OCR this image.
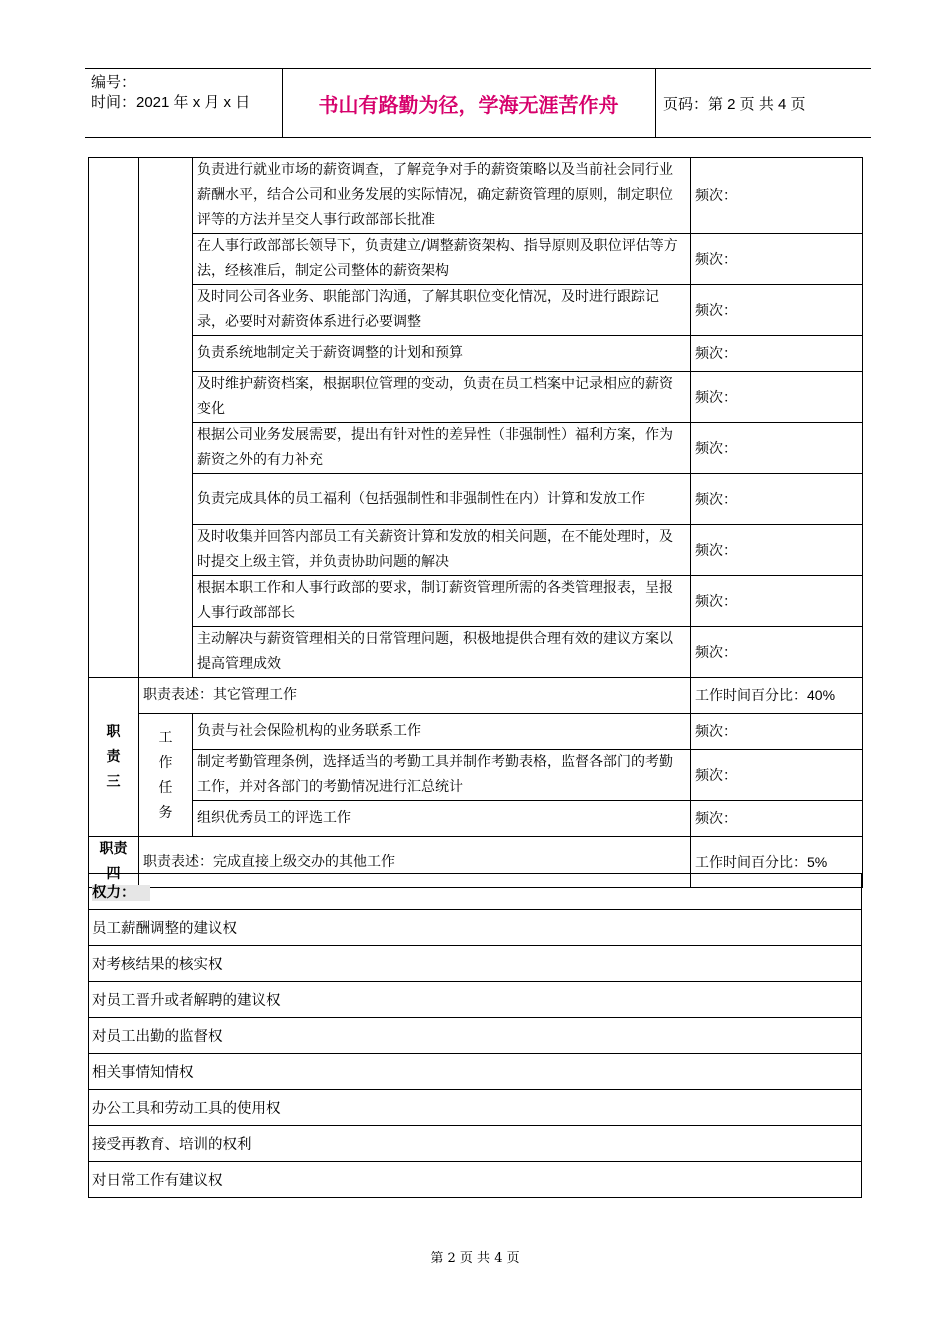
编号：
时间：2021 年 x 月 x 日	书山有路勤为径，学海无涯苦作舟	页码：第 2 页 共 4 页
		负责进行就业市场的薪资调查，了解竞争对手的薪资策略以及当前社会同行业薪酬水平，结合公司和业务发展的实际情况，确定薪资管理的原则，制定职位评等的方法并呈交人事行政部部长批准	频次：
		在人事行政部部长领导下，负责建立/调整薪资架构、指导原则及职位评估等方法，经核准后，制定公司整体的薪资架构	频次：
		及时同公司各业务、职能部门沟通，了解其职位变化情况，及时进行跟踪记录，必要时对薪资体系进行必要调整	频次：
		负责系统地制定关于薪资调整的计划和预算	频次：
		及时维护薪资档案，根据职位管理的变动，负责在员工档案中记录相应的薪资变化	频次：
		根据公司业务发展需要，提出有针对性的差异性（非强制性）福利方案，作为薪资之外的有力补充	频次：
		负责完成具体的员工福利（包括强制性和非强制性在内）计算和发放工作	频次：
		及时收集并回答内部员工有关薪资计算和发放的相关问题，在不能处理时，及时提交上级主管，并负责协助问题的解决	频次：
		根据本职工作和人事行政部的要求，制订薪资管理所需的各类管理报表，呈报人事行政部部长	频次：
		主动解决与薪资管理相关的日常管理问题，积极地提供合理有效的建议方案以提高管理成效	频次：

职责三	职责表述：其它管理工作		工作时间百分比：40%

	工作任务	负责与社会保险机构的业务联系工作	频次：
		制定考勤管理条例，选择适当的考勤工具并制作考勤表格，监督各部门的考勤工作，并对各部门的考勤情况进行汇总统计	频次：
		组织优秀员工的评选工作	频次：

职责四	职责表述：完成直接上级交办的其他工作		工作时间百分比：5%
权力：
员工薪酬调整的建议权
对考核结果的核实权
对员工晋升或者解聘的建议权
对员工出勤的监督权
相关事情知情权
办公工具和劳动工具的使用权
接受再教育、培训的权利
对日常工作有建议权
第 2 页 共 4 页
